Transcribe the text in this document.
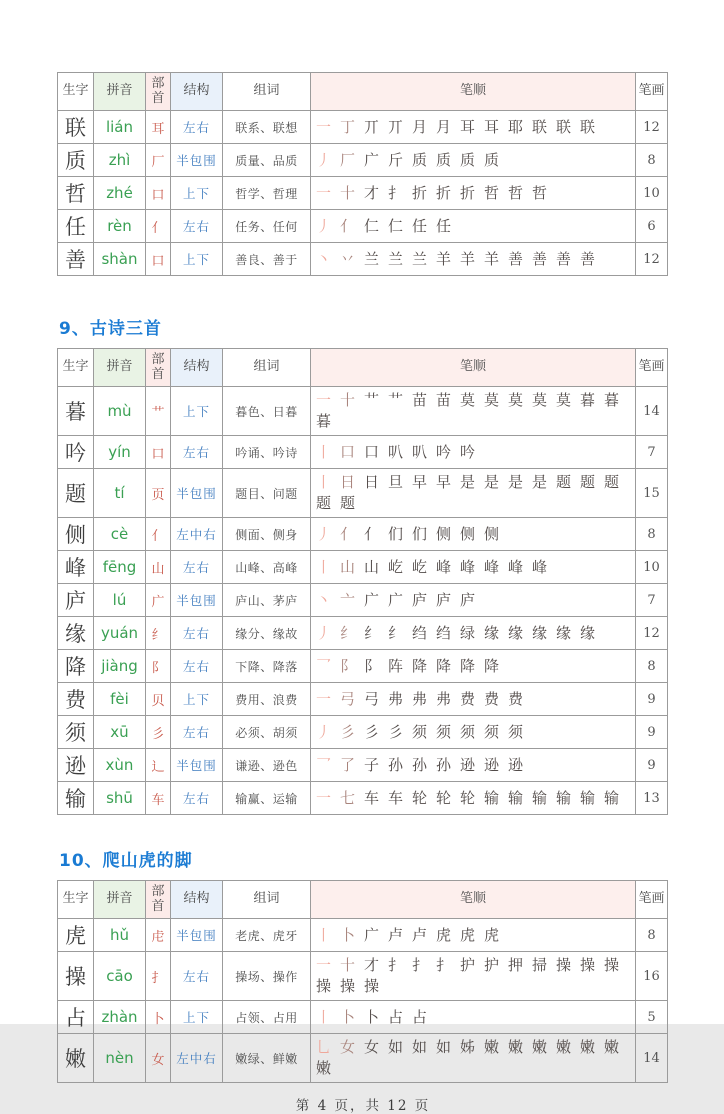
生字	拼音	部首	结构	组词	笔顺	笔画
联	lián	耳	左右	联系、联想	一 丁 丌 丌 月 月 耳 耳 耶 联 联 联	12
质	zhì	厂	半包围	质量、品质	丿 厂 广 斤 质 质 质 质	8
哲	zhé	口	上下	哲学、哲理	一 十 才 扌 折 折 折 哲 哲 哲	10
任	rèn	亻	左右	任务、任何	丿 亻 仁 仁 任 任	6
善	shàn	口	上下	善良、善于	丶 丷 兰 兰 兰 羊 羊 羊 善 善 善 善	12
9、古诗三首
生字	拼音	部首	结构	组词	笔顺	笔画
暮	mù	艹	上下	暮色、日暮	一 十 艹 艹 苗 苗 莫 莫 莫 莫 莫 暮 暮暮	14
吟	yín	口	左右	吟诵、吟诗	丨 口 口 叭 叭 吟 吟	7
题	tí	页	半包围	题目、问题	丨 日 日 旦 早 早 是 是 是 是 题 题 题题 题	15
侧	cè	亻	左中右	侧面、侧身	丿 亻 亻 们 们 侧 侧 侧	8
峰	fēng	山	左右	山峰、高峰	丨 山 山 屹 屹 峰 峰 峰 峰 峰	10
庐	lú	广	半包围	庐山、茅庐	丶 亠 广 广 庐 庐 庐	7
缘	yuán	纟	左右	缘分、缘故	丿 纟 纟 纟 绉 绉 绿 缘 缘 缘 缘 缘	12
降	jiàng	阝	左右	下降、降落	乛 阝 阝 阵 降 降 降 降	8
费	fèi	贝	上下	费用、浪费	一 弓 弓 弗 弗 弗 费 费 费	9
须	xū	彡	左右	必须、胡须	丿 彡 彡 彡 须 须 须 须 须	9
逊	xùn	辶	半包围	谦逊、逊色	乛 了 子 孙 孙 孙 逊 逊 逊	9
输	shū	车	左右	输赢、运输	一 七 车 车 轮 轮 轮 输 输 输 输 输 输	13
10、爬山虎的脚
生字	拼音	部首	结构	组词	笔顺	笔画
虎	hǔ	虍	半包围	老虎、虎牙	丨 卜 广 卢 卢 虎 虎 虎	8
操	cāo	扌	左右	操场、操作	一 十 才 扌 扌 扌 护 护 押 掃 操 操 操操 操 操	16
占	zhàn	卜	上下	占领、占用	丨 卜 卜 占 占	5
嫩	nèn	女	左中右	嫩绿、鲜嫩	乚 女 女 如 如 如 姊 嫩 嫩 嫩 嫩 嫩 嫩嫩	14
第 4 页，共 12 页
